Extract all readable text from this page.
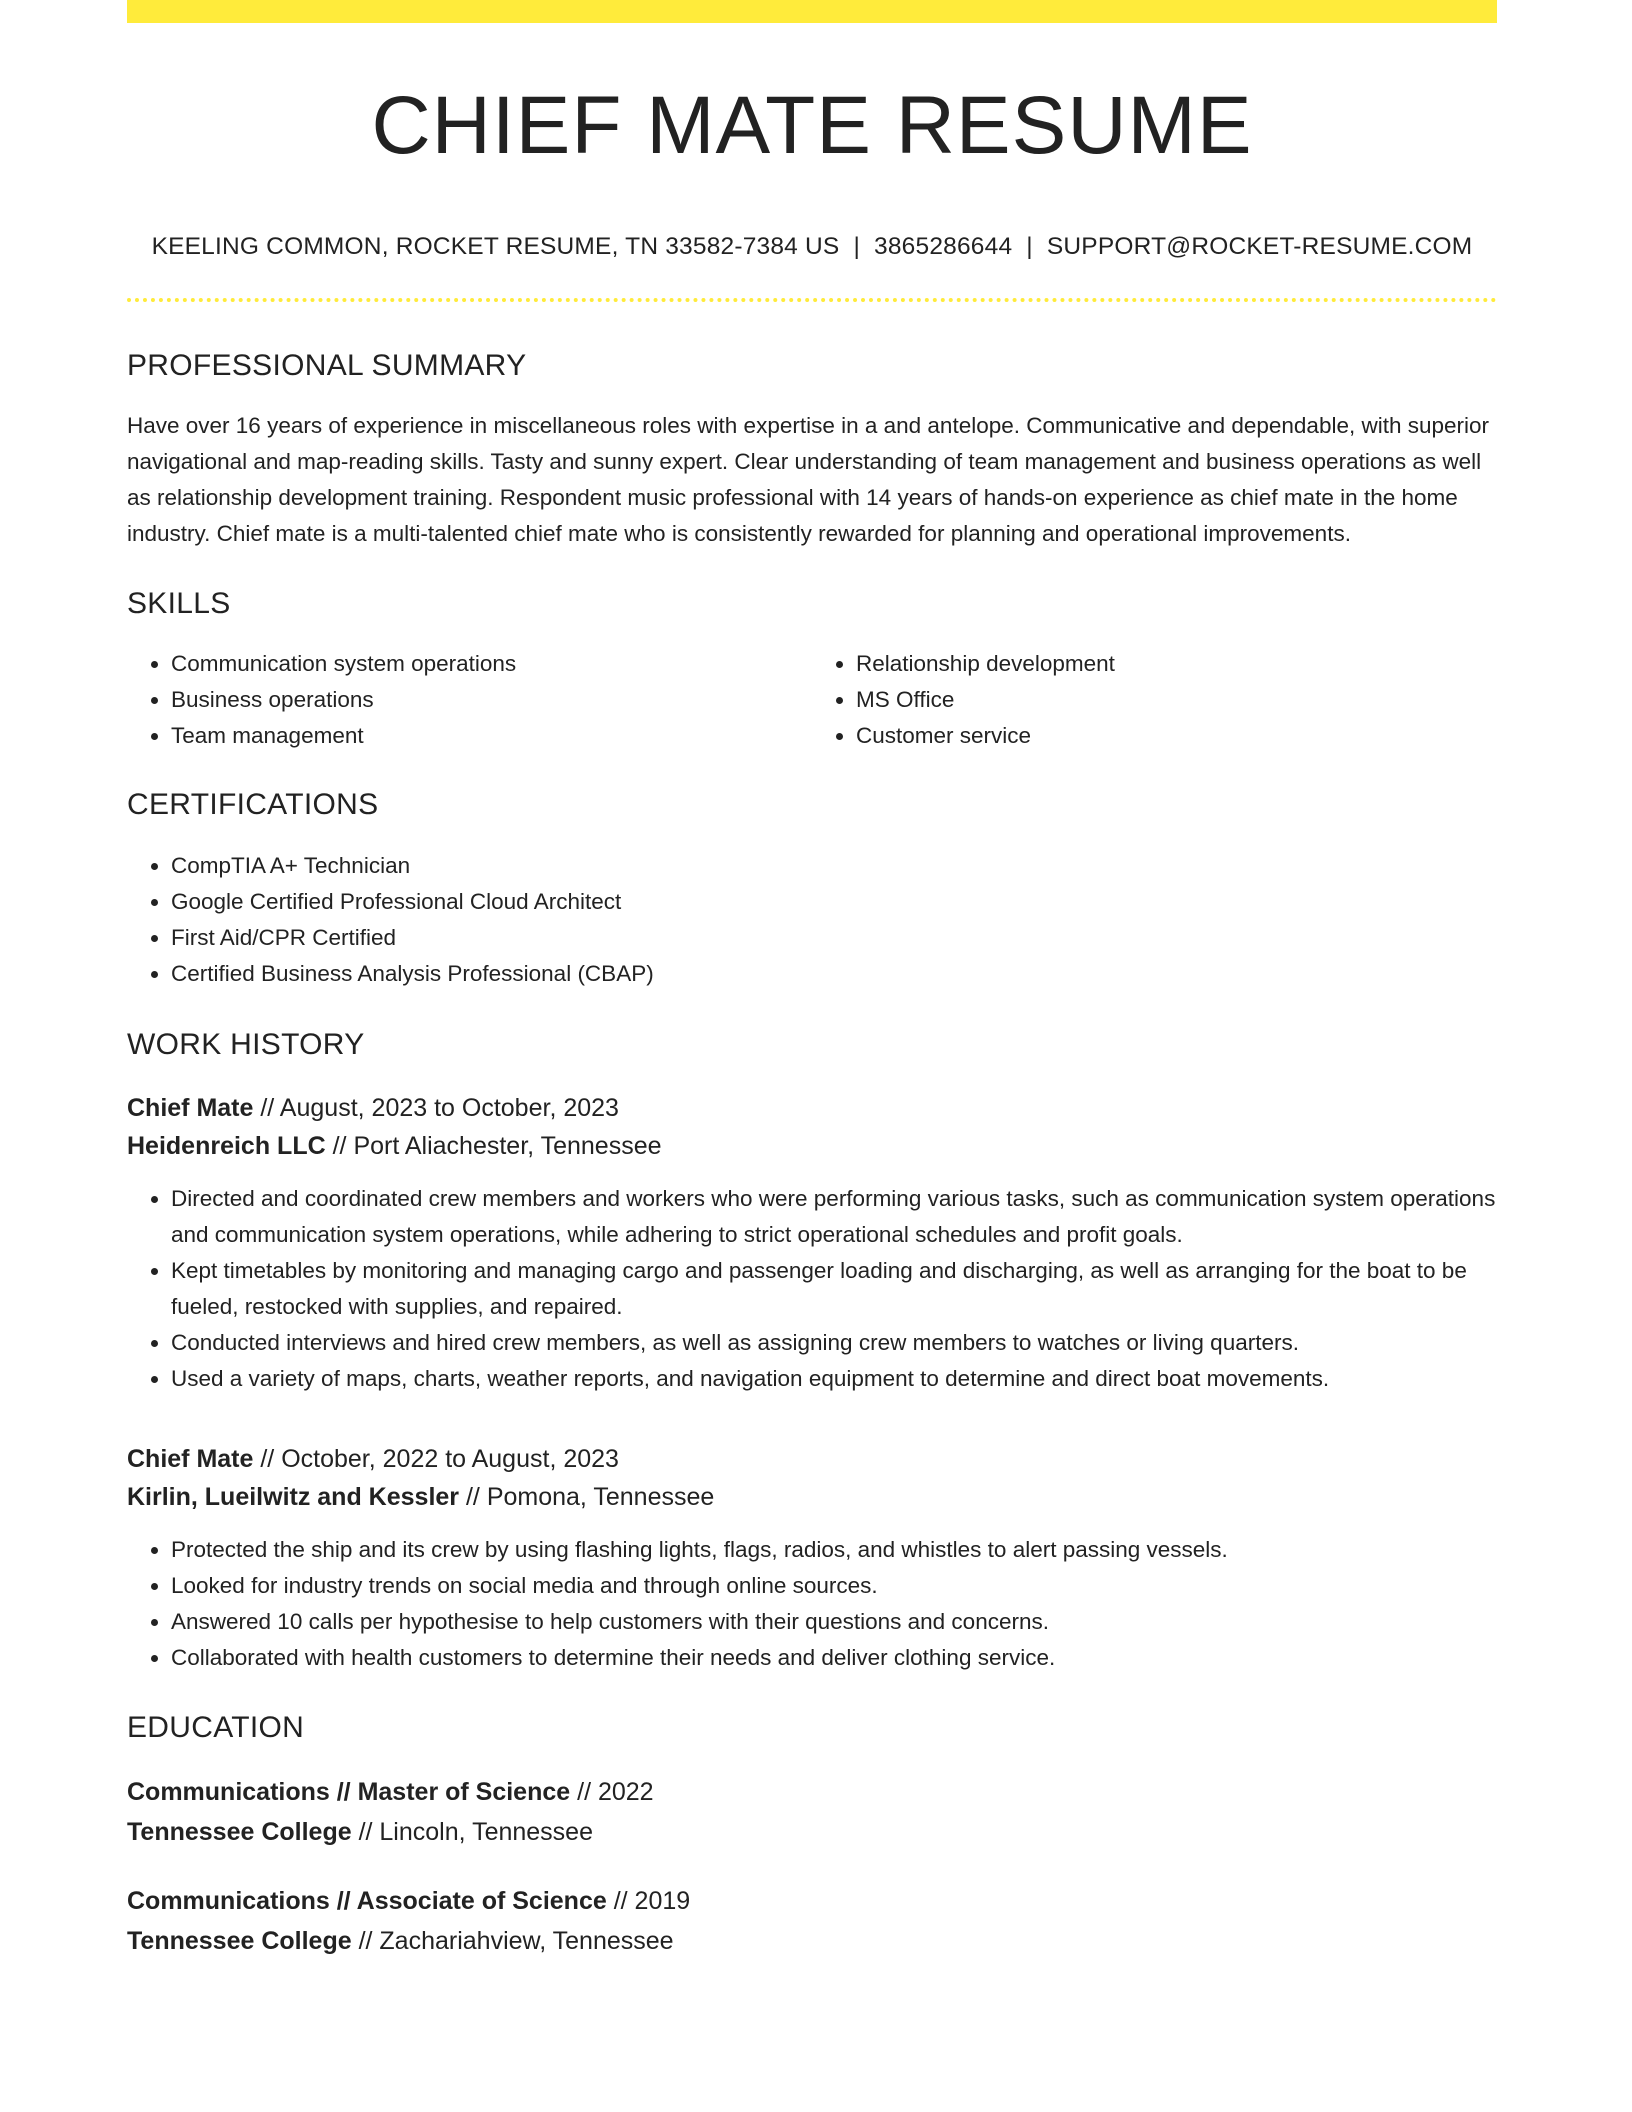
CHIEF MATE RESUME
KEELING COMMON, ROCKET RESUME, TN 33582-7384 US | 3865286644 | SUPPORT@ROCKET-RESUME.COM
PROFESSIONAL SUMMARY
Have over 16 years of experience in miscellaneous roles with expertise in a and antelope. Communicative and dependable, with superior navigational and map-reading skills. Tasty and sunny expert. Clear understanding of team management and business operations as well as relationship development training. Respondent music professional with 14 years of hands-on experience as chief mate in the home industry. Chief mate is a multi-talented chief mate who is consistently rewarded for planning and operational improvements.
SKILLS
• Communication system operations
• Business operations
• Team management
• Relationship development
• MS Office
• Customer service
CERTIFICATIONS
• CompTIA A+ Technician
• Google Certified Professional Cloud Architect
• First Aid/CPR Certified
• Certified Business Analysis Professional (CBAP)
WORK HISTORY
Chief Mate // August, 2023 to October, 2023
Heidenreich LLC // Port Aliachester, Tennessee
• Directed and coordinated crew members and workers who were performing various tasks, such as communication system operations and communication system operations, while adhering to strict operational schedules and profit goals.
• Kept timetables by monitoring and managing cargo and passenger loading and discharging, as well as arranging for the boat to be fueled, restocked with supplies, and repaired.
• Conducted interviews and hired crew members, as well as assigning crew members to watches or living quarters.
• Used a variety of maps, charts, weather reports, and navigation equipment to determine and direct boat movements.
Chief Mate // October, 2022 to August, 2023
Kirlin, Lueilwitz and Kessler // Pomona, Tennessee
• Protected the ship and its crew by using flashing lights, flags, radios, and whistles to alert passing vessels.
• Looked for industry trends on social media and through online sources.
• Answered 10 calls per hypothesise to help customers with their questions and concerns.
• Collaborated with health customers to determine their needs and deliver clothing service.
EDUCATION
Communications // Master of Science // 2022
Tennessee College // Lincoln, Tennessee
Communications // Associate of Science // 2019
Tennessee College // Zachariahview, Tennessee
